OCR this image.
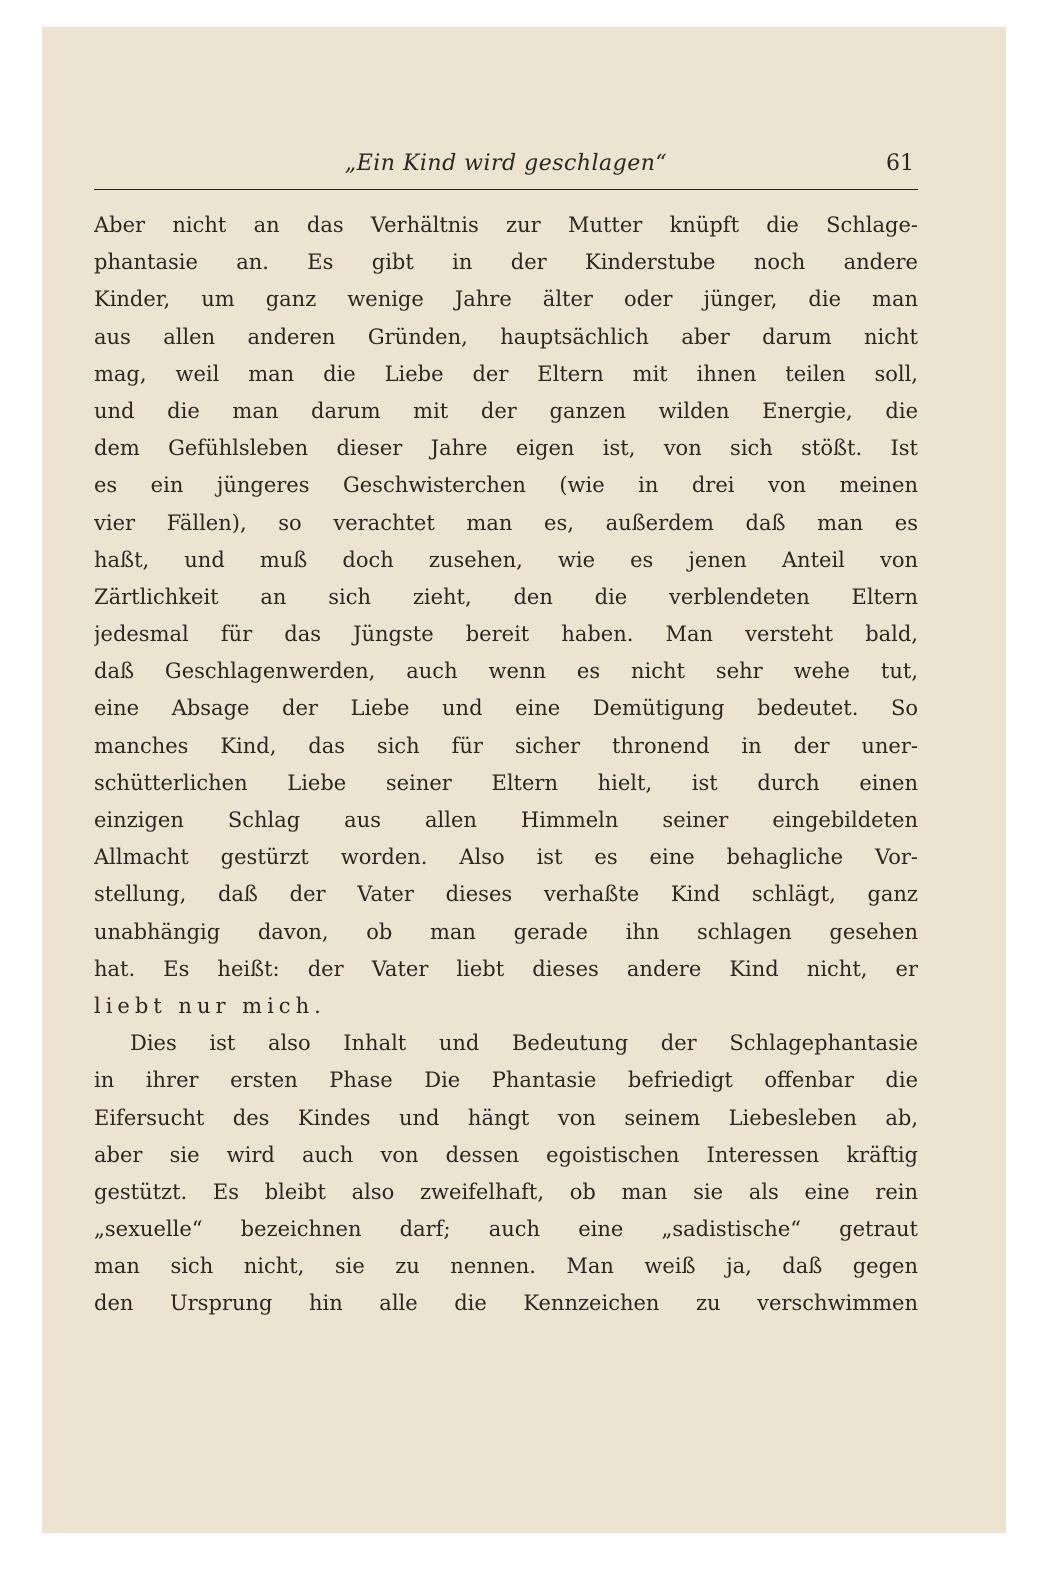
„Ein Kind wird geschlagen“	61
Aber nicht an das Verhältnis zur Mutter knüpft die Schlage-
phantasie an. Es gibt in der Kinderstube noch andere
Kinder, um ganz wenige Jahre älter oder jünger, die man
aus allen anderen Gründen, hauptsächlich aber darum nicht
mag, weil man die Liebe der Eltern mit ihnen teilen soll,
und die man darum mit der ganzen wilden Energie, die
dem Gefühlsleben dieser Jahre eigen ist, von sich stößt. Ist
es ein jüngeres Geschwisterchen (wie in drei von meinen
vier Fällen), so verachtet man es, außerdem daß man es
haßt, und muß doch zusehen, wie es jenen Anteil von
Zärtlichkeit an sich zieht, den die verblendeten Eltern
jedesmal für das Jüngste bereit haben. Man versteht bald,
daß Geschlagenwerden, auch wenn es nicht sehr wehe tut,
eine Absage der Liebe und eine Demütigung bedeutet. So
manches Kind, das sich für sicher thronend in der uner-
schütterlichen Liebe seiner Eltern hielt, ist durch einen
einzigen Schlag aus allen Himmeln seiner eingebildeten
Allmacht gestürzt worden. Also ist es eine behagliche Vor-
stellung, daß der Vater dieses verhaßte Kind schlägt, ganz
unabhängig davon, ob man gerade ihn schlagen gesehen
hat. Es heißt: der Vater liebt dieses andere Kind nicht, er
liebt nur mich.
Dies ist also Inhalt und Bedeutung der Schlagephantasie
in ihrer ersten Phase Die Phantasie befriedigt offenbar die
Eifersucht des Kindes und hängt von seinem Liebesleben ab,
aber sie wird auch von dessen egoistischen Interessen kräftig
gestützt. Es bleibt also zweifelhaft, ob man sie als eine rein
„sexuelle“ bezeichnen darf; auch eine „sadistische“ getraut
man sich nicht, sie zu nennen. Man weiß ja, daß gegen
den Ursprung hin alle die Kennzeichen zu verschwimmen
